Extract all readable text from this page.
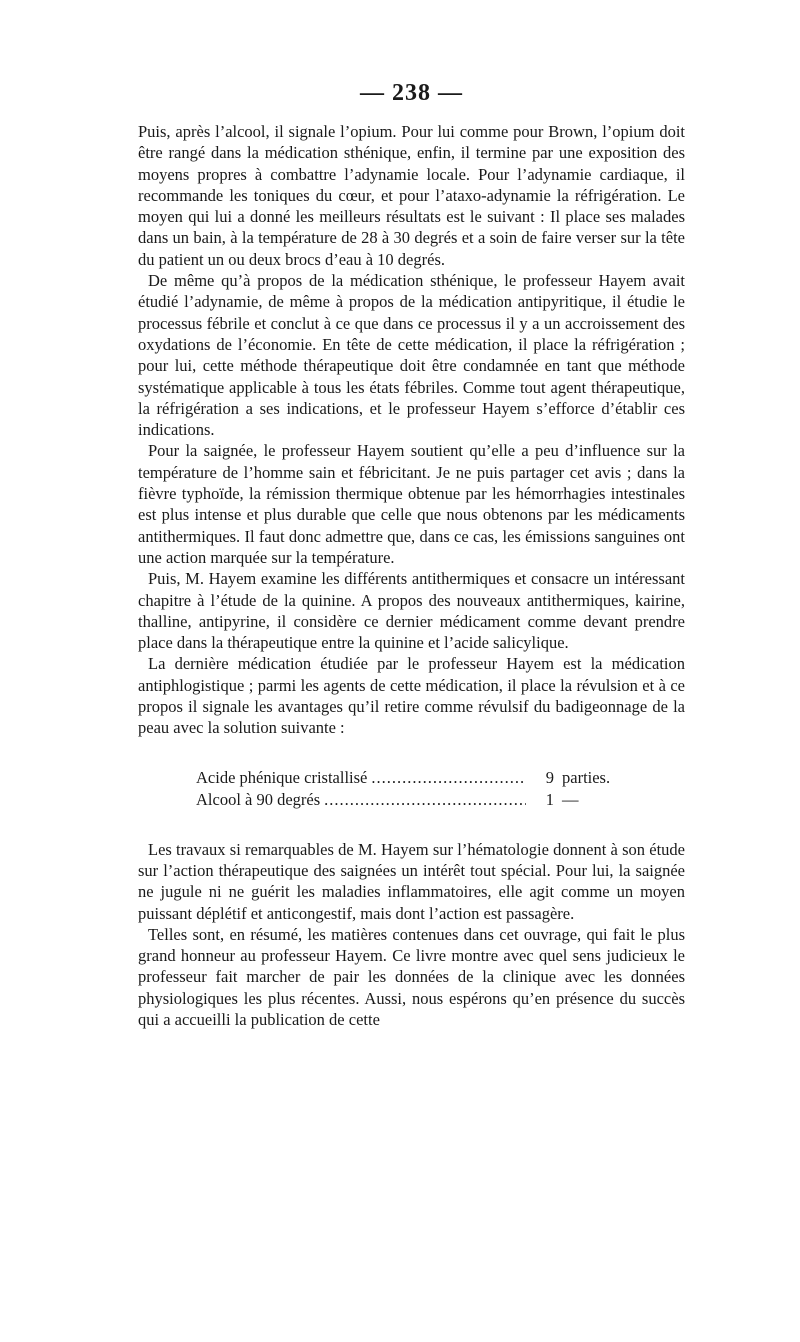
— 238 —

Puis, après l’alcool, il signale l’opium. Pour lui comme pour Brown, l’opium doit être rangé dans la médication sthénique, enfin, il termine par une exposition des moyens propres à combattre l’adynamie locale. Pour l’adynamie cardiaque, il recommande les toniques du cœur, et pour l’ataxo-adynamie la réfrigération. Le moyen qui lui a donné les meilleurs résultats est le suivant : Il place ses malades dans un bain, à la température de 28 à 30 degrés et a soin de faire verser sur la tête du patient un ou deux brocs d’eau à 10 degrés.

De même qu’à propos de la médication sthénique, le professeur Hayem avait étudié l’adynamie, de même à propos de la médication antipyritique, il étudie le processus fébrile et conclut à ce que dans ce processus il y a un accroissement des oxydations de l’économie. En tête de cette médication, il place la réfrigération ; pour lui, cette méthode thérapeutique doit être condamnée en tant que méthode systématique applicable à tous les états fébriles. Comme tout agent thérapeutique, la réfrigération a ses indications, et le professeur Hayem s’efforce d’établir ces indications.

Pour la saignée, le professeur Hayem soutient qu’elle a peu d’influence sur la température de l’homme sain et fébricitant. Je ne puis partager cet avis ; dans la fièvre typhoïde, la rémission thermique obtenue par les hémorrhagies intestinales est plus intense et plus durable que celle que nous obtenons par les médicaments antithermiques. Il faut donc admettre que, dans ce cas, les émissions sanguines ont une action marquée sur la température.

Puis, M. Hayem examine les différents antithermiques et consacre un intéressant chapitre à l’étude de la quinine. A propos des nouveaux antithermiques, kairine, thalline, antipyrine, il considère ce dernier médicament comme devant prendre place dans la thérapeutique entre la quinine et l’acide salicylique.

La dernière médication étudiée par le professeur Hayem est la médication antiphlogistique ; parmi les agents de cette médication, il place la révulsion et à ce propos il signale les avantages qu’il retire comme révulsif du badigeonnage de la peau avec la solution suivante :

Acide phénique cristallisé .....	9 parties.
Alcool à 90 degrés .....	1 —

Les travaux si remarquables de M. Hayem sur l’hématologie donnent à son étude sur l’action thérapeutique des saignées un intérêt tout spécial. Pour lui, la saignée ne jugule ni ne guérit les maladies inflammatoires, elle agit comme un moyen puissant déplétif et anticongestif, mais dont l’action est passagère.

Telles sont, en résumé, les matières contenues dans cet ouvrage, qui fait le plus grand honneur au professeur Hayem. Ce livre montre avec quel sens judicieux le professeur fait marcher de pair les données de la clinique avec les données physiologiques les plus récentes. Aussi, nous espérons qu’en présence du succès qui a accueilli la publication de cette
